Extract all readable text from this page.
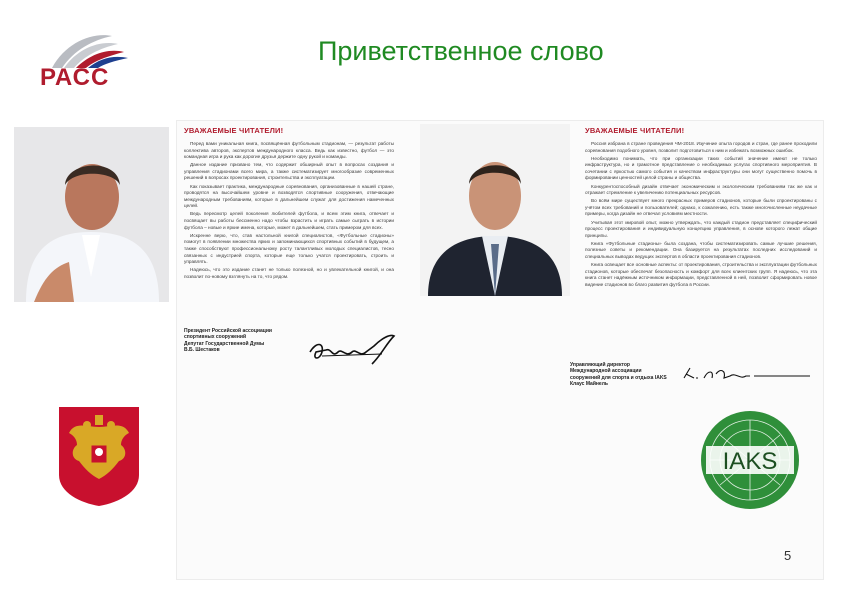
РАСС
Приветственное слово
УВАЖАЕМЫЕ ЧИТАТЕЛИ!

Перед вами уникальная книга, посвящённая футбольным стадионам, — результат работы коллектива авторов, экспертов международного класса. Ведь как известно, футбол — это командная игра и рука как дорогие друзья держите одну рукой и команды.

Данное издание призвано тем, что содержит обширный опыт в вопросах создания и управления стадионами всего мира, а также систематизирует многообразие современных решений в вопросах проектирования, строительства и эксплуатации.

Как показывает практика, международные соревнования, организованные в нашей стране, проводятся на высочайшем уровне и возводятся спортивные сооружения, отвечающие международным требованиям, которые в дальнейшем служат для достижения намеченных целей.

Ведь пересмотр целей поколения любителей футбола, и всем этим книга, отвечает и посвящает вы работы бессменно надо чтобы взрастить и играть самые сыграть в истории футбола – новые и яркие имена, которые, может в дальнейшем, стать примером для всех.

Искренне верю, что, став настольной книгой специалистов, «Футбольные стадионы» помогут в появлении множества ярких и запоминающихся спортивных событий в будущем, а также способствуют профессиональному росту талантливых молодых специалистов, тесно связанных с индустрией спорта, которые еще только учатся проектировать, строить и управлять.

Надеюсь, что это издание станет не только полезной, но и увлекательной книгой, и она позволит по-новому взглянуть на то, что рядом.

Президент Российской ассоциации
спортивных сооружений
Депутат Государственной Думы
В.Б. Шестаков
УВАЖАЕМЫЕ ЧИТАТЕЛИ!

Россия избрана в стране проведения ЧМ-2018. Изучение опыта городов и стран, где ранее проходили соревнования подобного уровня, позволит подготовиться к ним и избежать возможных ошибок.

Необходимо понимать, что при организации таких событий значение имеют не только инфраструктура, но и грамотное представление о необходимых услугах спортивного мероприятия. В сочетании с яркостью самого события и качеством инфраструктуры они могут существенно помочь в формировании ценностей целой страны и общества.

Конкурентоспособный дизайн отвечает экономическим и экологическим требованиям так же как и отражает стремление к увеличению потенциальных ресурсов.

Во всём мире существует много прекрасных примеров стадионов, которые были спроектированы с учётом всех требований и пользователей; однако, к сожалению, есть также многочисленные неудачные примеры, когда дизайн не отвечал условиям местности.

Учитывая этот мировой опыт, можно утверждать, что каждый стадион представляет специфический процесс проектирования и индивидуальную концепцию управления, в основе которого лежат общие принципы.

Книга «Футбольные стадионы» была создана, чтобы систематизировать самые лучшие решения, полезные советы и рекомендации. Она базируется на результатах последних исследований и специальных выводах ведущих экспертов в области проектирования стадионов.

Книга освещает все основные аспекты: от проектирования, строительства и эксплуатации футбольных стадионов, которые обеспечат безопасность и комфорт для всех клиентских групп. Я надеюсь, что эта книга станет надёжным источником информации, представленной в ней, позволит сформировать новое видение стадионов во благо развития футбола в России.

Управляющий директор
Международной ассоциации
сооружений для спорта и отдыха IAKS
Клаус Майнель
IAKS
5
